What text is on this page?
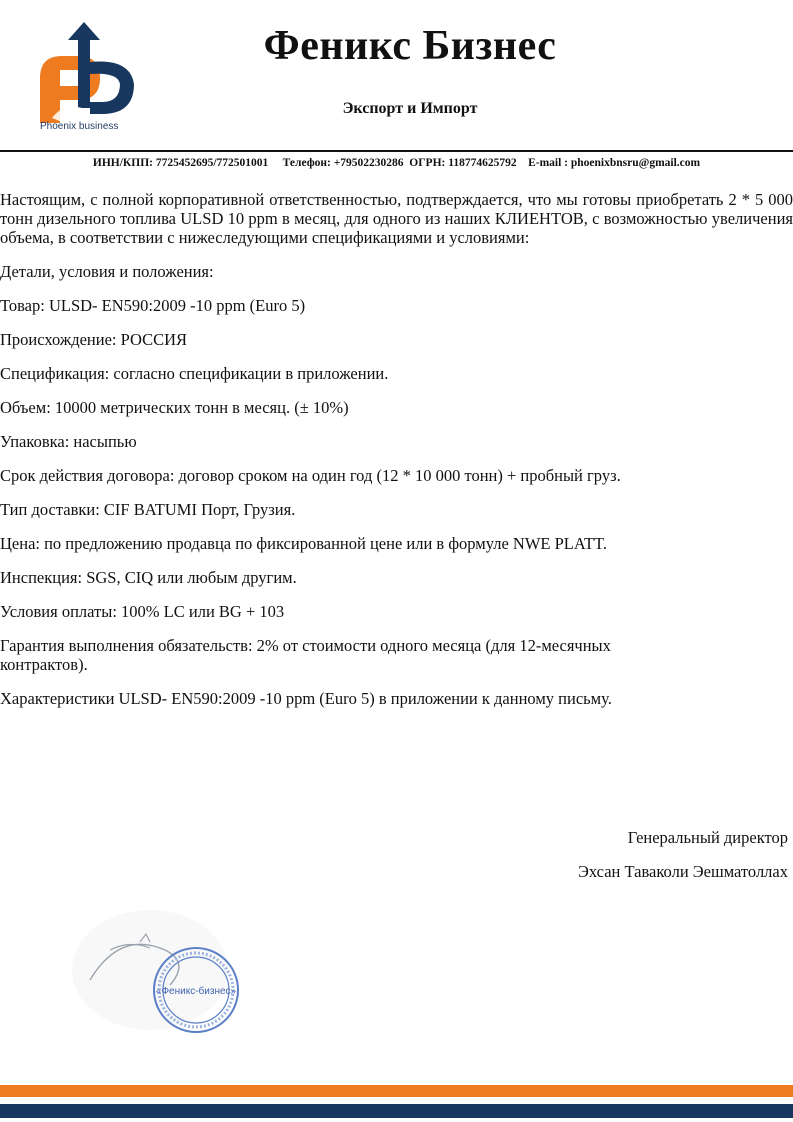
Phoenix business
Феникс Бизнес
Экспорт и Импорт
ИНН/КПП: 7725452695/772501001     Телефон: +79502230286  ОГРН: 118774625792    E-mail : phoenixbnsru@gmail.com

Настоящим, с полной корпоративной ответственностью, подтверждается, что мы готовы приобретать 2 * 5 000 тонн дизельного топлива ULSD 10 ppm в месяц, для одного из наших КЛИЕНТОВ, с возможностью увеличения объема, в соответствии с нижеследующими спецификациями и условиями:

Детали, условия и положения:

Товар: ULSD- EN590:2009 -10 ppm (Euro 5)

Происхождение: РОССИЯ

Спецификация: согласно спецификации в приложении.

Объем: 10000 метрических тонн в месяц. (± 10%)

Упаковка: насыпью

Срок действия договора: договор сроком на один год (12 * 10 000 тонн) + пробный груз.

Тип доставки: CIF BATUMI Порт, Грузия.

Цена: по предложению продавца по фиксированной цене или в формуле NWE PLATT.

Инспекция: SGS, CIQ или любым другим.

Условия оплаты: 100% LC или BG + 103

Гарантия выполнения обязательств: 2% от стоимости одного месяца (для 12-месячных контрактов).

Характеристики ULSD- EN590:2009 -10 ppm (Euro 5) в приложении к данному письму.

Генеральный директор
Эхсан Таваколи Эешматоллах
«Феникс-бизнес»
